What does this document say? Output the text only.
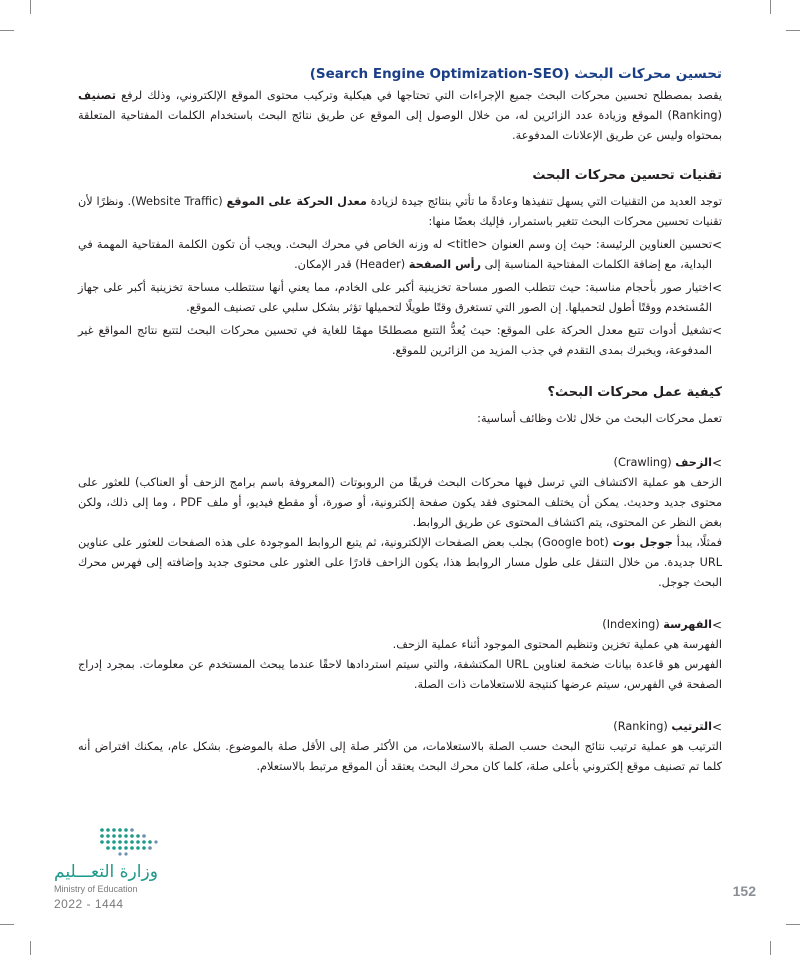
تحسين محركات البحث (Search Engine Optimization-SEO)

يقصد بمصطلح تحسين محركات البحث جميع الإجراءات التي تحتاجها في هيكلية وتركيب محتوى الموقع الإلكتروني، وذلك لرفع تصنيف (Ranking) الموقع وزيادة عدد الزائرين له، من خلال الوصول إلى الموقع عن طريق نتائج البحث باستخدام الكلمات المفتاحية المتعلقة بمحتواه وليس عن طريق الإعلانات المدفوعة.

تقنيات تحسين محركات البحث

توجد العديد من التقنيات التي يسهل تنفيذها وعادةً ما تأتي بنتائج جيدة لزيادة معدل الحركة على الموقع (Website Traffic). ونظرًا لأن تقنيات تحسين محركات البحث تتغير باستمرار، فإليك بعضًا منها:

>
تحسين العناوين الرئيسة: حيث إن وسم العنوان <title> له وزنه الخاص في محرك البحث. ويجب أن تكون الكلمة المفتاحية المهمة في البداية، مع إضافة الكلمات المفتاحية المناسبة إلى رأس الصفحة (Header) قدر الإمكان.
>
اختيار صور بأحجام مناسبة: حيث تتطلب الصور مساحة تخزينية أكبر على الخادم، مما يعني أنها ستتطلب مساحة تخزينية أكبر على جهاز المُستخدم ووقتًا أطول لتحميلها. إن الصور التي تستغرق وقتًا طويلًا لتحميلها تؤثر بشكل سلبي على تصنيف الموقع.
>
تشغيل أدوات تتبع معدل الحركة على الموقع: حيث يُعدُّ التتبع مصطلحًا مهمًا للغاية في تحسين محركات البحث لتتبع نتائج المواقع غير المدفوعة، ويخبرك بمدى التقدم في جذب المزيد من الزائرين للموقع.
كيفية عمل محركات البحث؟

تعمل محركات البحث من خلال ثلاث وظائف أساسية:

>
الزحف (Crawling)

الزحف هو عملية الاكتشاف التي ترسل فيها محركات البحث فريقًا من الروبوتات (المعروفة باسم برامج الزحف أو العناكب) للعثور على محتوى جديد وحديث. يمكن أن يختلف المحتوى فقد يكون صفحة إلكترونية، أو صورة، أو مقطع فيديو، أو ملف PDF ، وما إلى ذلك، ولكن بغض النظر عن المحتوى، يتم اكتشاف المحتوى عن طريق الروابط.

فمثلًا، يبدأ جوجل بوت (Google bot) بجلب بعض الصفحات الإلكترونية، ثم يتبع الروابط الموجودة على هذه الصفحات للعثور على عناوين URL جديدة. من خلال التنقل على طول مسار الروابط هذا، يكون الزاحف قادرًا على العثور على محتوى جديد وإضافته إلى فهرس محرك البحث جوجل.

>
الفهرسة (Indexing)

الفهرسة هي عملية تخزين وتنظيم المحتوى الموجود أثناء عملية الزحف.

الفهرس هو قاعدة بيانات ضخمة لعناوين URL المكتشفة، والتي سيتم استردادها لاحقًا عندما يبحث المستخدم عن معلومات. بمجرد إدراج الصفحة في الفهرس، سيتم عرضها كنتيجة للاستعلامات ذات الصلة.

>
الترتيب (Ranking)

الترتيب هو عملية ترتيب نتائج البحث حسب الصلة بالاستعلامات، من الأكثر صلة إلى الأقل صلة بالموضوع. بشكل عام، يمكنك افتراض أنه كلما تم تصنيف موقع إلكتروني بأعلى صلة، كلما كان محرك البحث يعتقد أن الموقع مرتبط بالاستعلام.

وزارة التعـــليم
Ministry of Education
2022 - 1444
152
